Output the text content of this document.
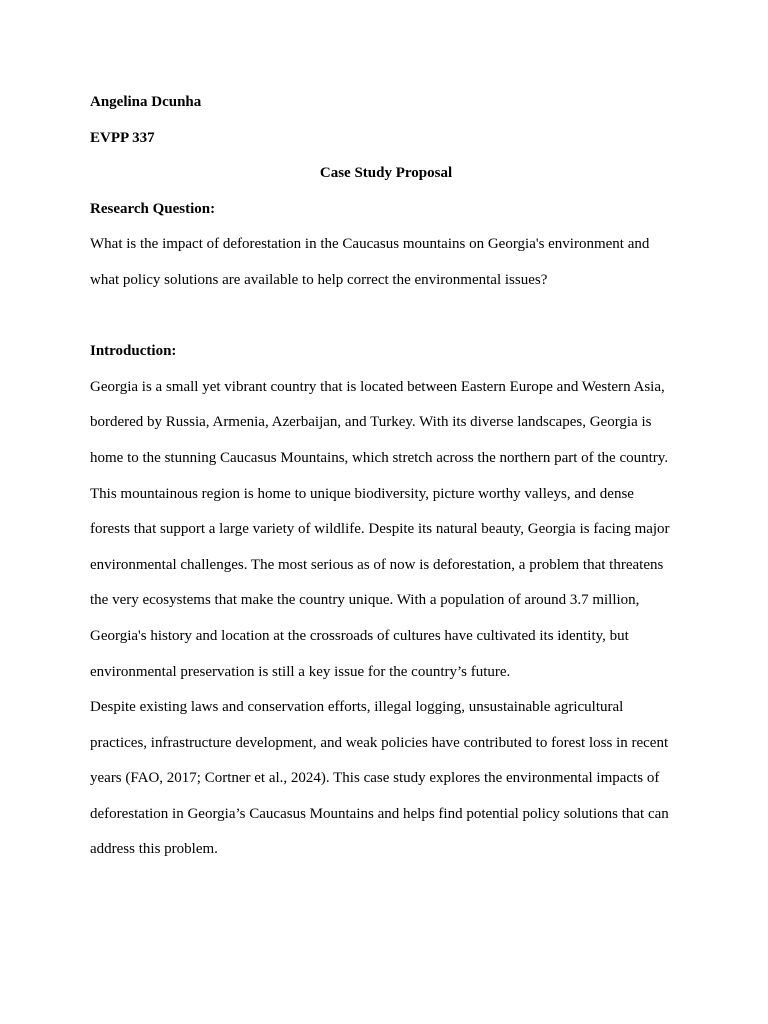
Angelina Dcunha
EVPP 337
Case Study Proposal
Research Question:
What is the impact of deforestation in the Caucasus mountains on Georgia's environment and
what policy solutions are available to help correct the environmental issues?
Introduction:
Georgia is a small yet vibrant country that is located between Eastern Europe and Western Asia,
bordered by Russia, Armenia, Azerbaijan, and Turkey. With its diverse landscapes, Georgia is
home to the stunning Caucasus Mountains, which stretch across the northern part of the country.
This mountainous region is home to unique biodiversity, picture worthy valleys, and dense
forests that support a large variety of wildlife. Despite its natural beauty, Georgia is facing major
environmental challenges. The most serious as of now is deforestation, a problem that threatens
the very ecosystems that make the country unique. With a population of around 3.7 million,
Georgia's history and location at the crossroads of cultures have cultivated its identity, but
environmental preservation is still a key issue for the country’s future.
Despite existing laws and conservation efforts, illegal logging, unsustainable agricultural
practices, infrastructure development, and weak policies have contributed to forest loss in recent
years (FAO, 2017; Cortner et al., 2024). This case study explores the environmental impacts of
deforestation in Georgia’s Caucasus Mountains and helps find potential policy solutions that can
address this problem.
